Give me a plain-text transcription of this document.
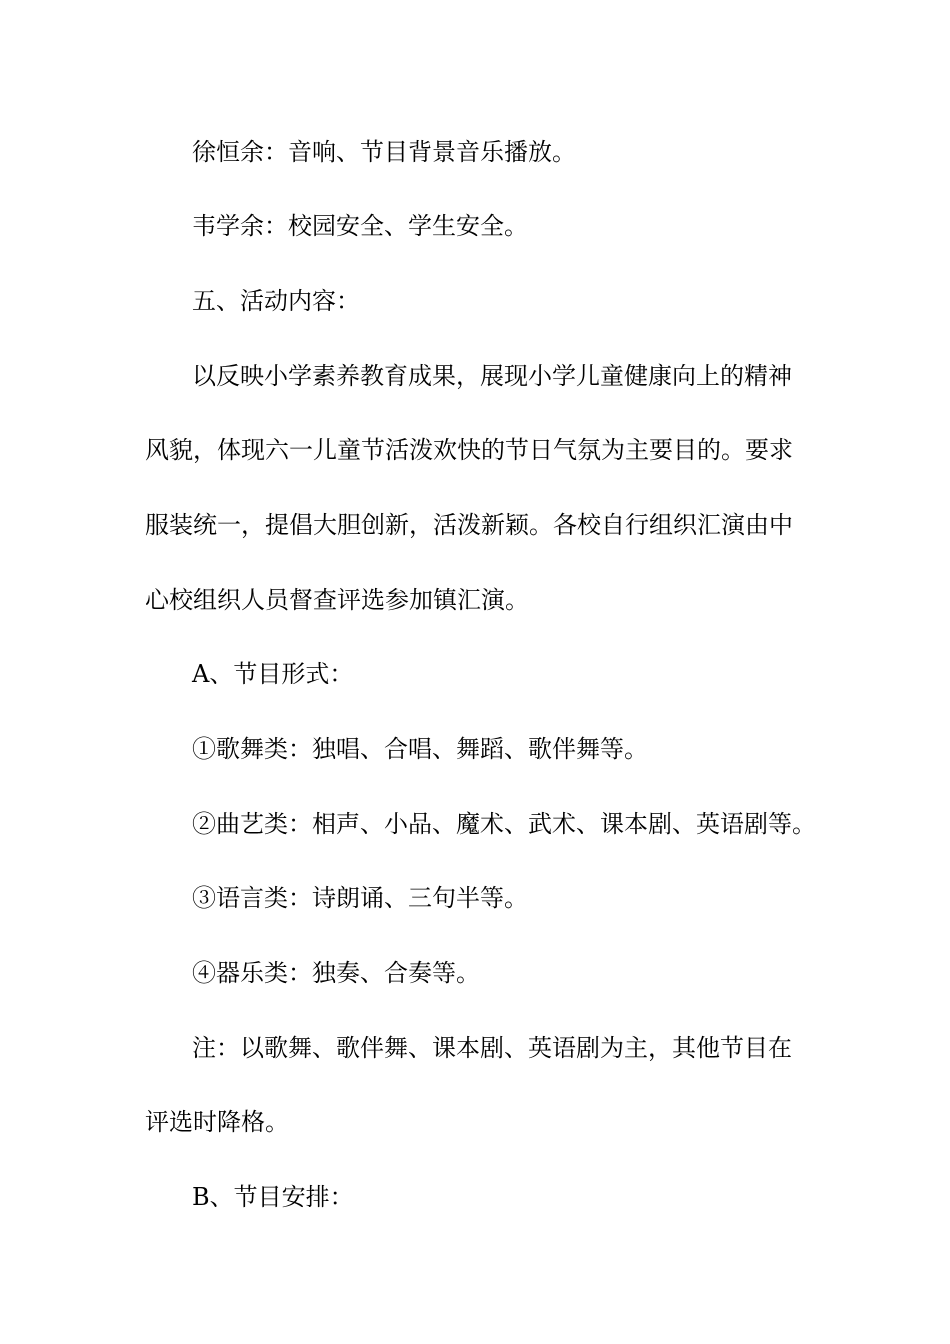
徐恒余：音响、节目背景音乐播放。
韦学余：校园安全、学生安全。
五、活动内容：
以反映小学素养教育成果，展现小学儿童健康向上的精神
风貌，体现六一儿童节活泼欢快的节日气氛为主要目的。要求
服装统一，提倡大胆创新，活泼新颖。各校自行组织汇演由中
心校组织人员督查评选参加镇汇演。
A、节目形式：
①歌舞类：独唱、合唱、舞蹈、歌伴舞等。
②曲艺类：相声、小品、魔术、武术、课本剧、英语剧等。
③语言类：诗朗诵、三句半等。
④器乐类：独奏、合奏等。
注：以歌舞、歌伴舞、课本剧、英语剧为主，其他节目在
评选时降格。
B、节目安排：
